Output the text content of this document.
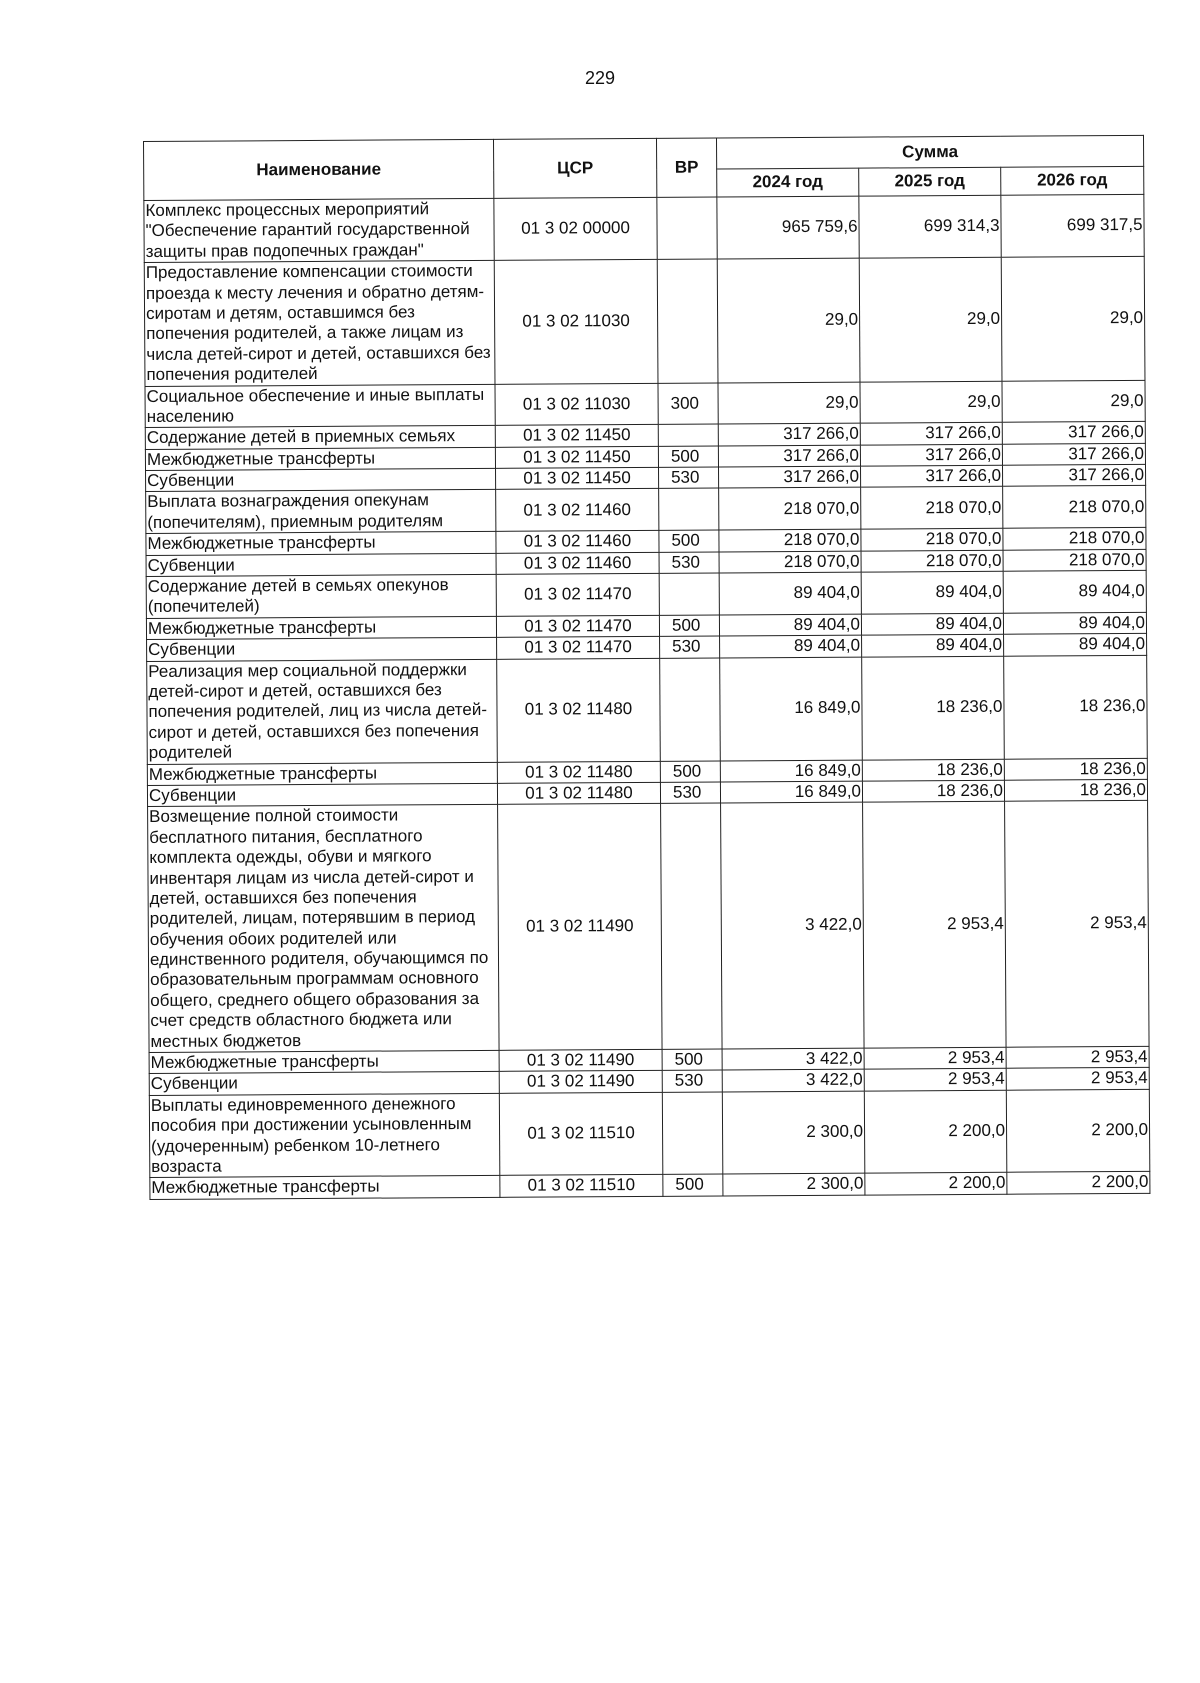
229
Наименование	ЦСР	ВР	Сумма		
			2024 год	2025 год	2026 год
Комплекс процессных мероприятий "Обеспечение гарантий государственной защиты прав подопечных граждан"	01 3 02 00000		965 759,6	699 314,3	699 317,5
Предоставление компенсации стоимости проезда к месту лечения и обратно детям-сиротам и детям, оставшимся без попечения родителей, а также лицам из числа детей-сирот и детей, оставшихся без попечения родителей	01 3 02 11030		29,0	29,0	29,0
Социальное обеспечение и иные выплаты населению	01 3 02 11030	300	29,0	29,0	29,0
Содержание детей в приемных семьях	01 3 02 11450		317 266,0	317 266,0	317 266,0
Межбюджетные трансферты	01 3 02 11450	500	317 266,0	317 266,0	317 266,0
Субвенции	01 3 02 11450	530	317 266,0	317 266,0	317 266,0
Выплата вознаграждения опекунам (попечителям), приемным родителям	01 3 02 11460		218 070,0	218 070,0	218 070,0
Межбюджетные трансферты	01 3 02 11460	500	218 070,0	218 070,0	218 070,0
Субвенции	01 3 02 11460	530	218 070,0	218 070,0	218 070,0
Содержание детей в семьях опекунов (попечителей)	01 3 02 11470		89 404,0	89 404,0	89 404,0
Межбюджетные трансферты	01 3 02 11470	500	89 404,0	89 404,0	89 404,0
Субвенции	01 3 02 11470	530	89 404,0	89 404,0	89 404,0
Реализация мер социальной поддержки детей-сирот и детей, оставшихся без попечения родителей, лиц из числа детей-сирот и детей, оставшихся без попечения родителей	01 3 02 11480		16 849,0	18 236,0	18 236,0
Межбюджетные трансферты	01 3 02 11480	500	16 849,0	18 236,0	18 236,0
Субвенции	01 3 02 11480	530	16 849,0	18 236,0	18 236,0
Возмещение полной стоимости бесплатного питания, бесплатного комплекта одежды, обуви и мягкого инвентаря лицам из числа детей-сирот и детей, оставшихся без попечения родителей, лицам, потерявшим в период обучения обоих родителей или единственного родителя, обучающимся по образовательным программам основного общего, среднего общего образования за счет средств областного бюджета или местных бюджетов	01 3 02 11490		3 422,0	2 953,4	2 953,4
Межбюджетные трансферты	01 3 02 11490	500	3 422,0	2 953,4	2 953,4
Субвенции	01 3 02 11490	530	3 422,0	2 953,4	2 953,4
Выплаты единовременного денежного пособия при достижении усыновленным (удочеренным) ребенком 10-летнего возраста	01 3 02 11510		2 300,0	2 200,0	2 200,0
Межбюджетные трансферты	01 3 02 11510	500	2 300,0	2 200,0	2 200,0
